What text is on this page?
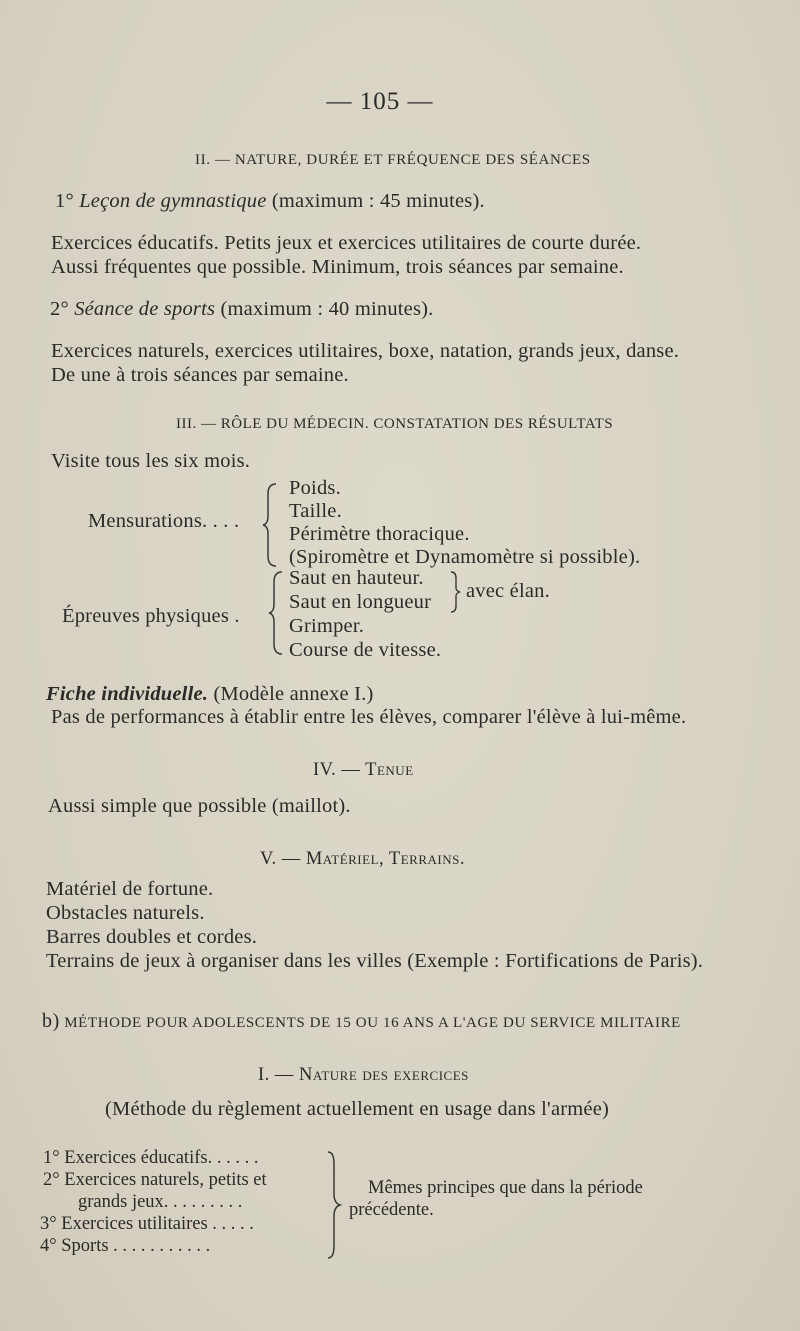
— 105 —
II. — NATURE, DURÉE ET FRÉQUENCE DES SÉANCES
1° Leçon de gymnastique (maximum : 45 minutes).
Exercices éducatifs. Petits jeux et exercices utilitaires de courte durée.
Aussi fréquentes que possible. Minimum, trois séances par semaine.
2° Séance de sports (maximum : 40 minutes).
Exercices naturels, exercices utilitaires, boxe, natation, grands jeux, danse.
De une à trois séances par semaine.
III. — RÔLE DU MÉDECIN. CONSTATATION DES RÉSULTATS
Visite tous les six mois.
Mensurations. . . .
Poids.
Taille.
Périmètre thoracique.
(Spiromètre et Dynamomètre si possible).
Épreuves physiques .
Saut en hauteur.
Saut en longueur
Grimper.
Course de vitesse.
avec élan.
Fiche individuelle. (Modèle annexe I.)
Pas de performances à établir entre les élèves, comparer l'élève à lui-même.
IV. — Tenue
Aussi simple que possible (maillot).
V. — Matériel, Terrains.
Matériel de fortune.
Obstacles naturels.
Barres doubles et cordes.
Terrains de jeux à organiser dans les villes (Exemple : Fortifications de Paris).
b) MÉTHODE POUR ADOLESCENTS DE 15 OU 16 ANS A L'AGE DU SERVICE MILITAIRE
I. — Nature des exercices
(Méthode du règlement actuellement en usage dans l'armée)
1° Exercices éducatifs. . . . . .
2° Exercices naturels, petits et
grands jeux. . . . . . . . .
3° Exercices utilitaires . . . . .
4° Sports . . . . . . . . . . .
Mêmes principes que dans la période
précédente.
